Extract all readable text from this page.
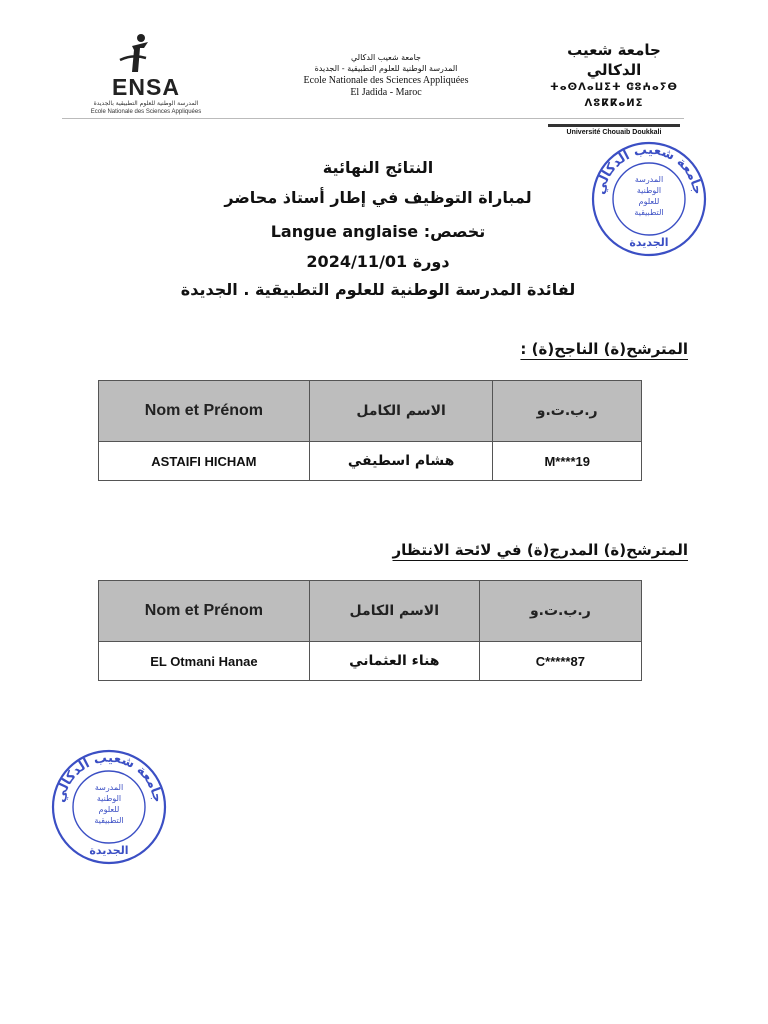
ENSA
المدرسة الوطنية للعلوم التطبيقية بالجديدة
Ecole Nationale des Sciences Appliquées
جامعة شعيب الدكالي
المدرسة الوطنية للعلوم التطبيقية - الجديدة
Ecole Nationale des Sciences Appliquées
El Jadida - Maroc
جامعة شعيب الدكالي
ⵜⴰⵙⴷⴰⵡⵉⵜ ⵛⵓⵄⴰⵢⴱ ⴷⵓⴽⴽⴰⵍⵉ
Université Chouaib Doukkali
جامعة شعيب الدكالي
المدرسة
الوطنية
للعلوم
التطبيقية
الجديدة
النتائج النهائية
لمباراة التوظيف في إطار أستاذ محاضر
تخصص: Langue anglaise
دورة 2024/11/01
لفائدة المدرسة الوطنية للعلوم التطبيقية . الجديدة
المترشح(ة) الناجح(ة) :
Nom et Prénom	الاسم الكامل	ر.ب.ت.و
ASTAIFI HICHAM	هشام اسطيفي	M****19
المترشح(ة) المدرج(ة) في لائحة الانتظار
Nom et Prénom	الاسم الكامل	ر.ب.ت.و
EL Otmani Hanae	هناء العثماني	C*****87
جامعة شعيب الدكالي
المدرسة
الوطنية
للعلوم
التطبيقية
الجديدة
